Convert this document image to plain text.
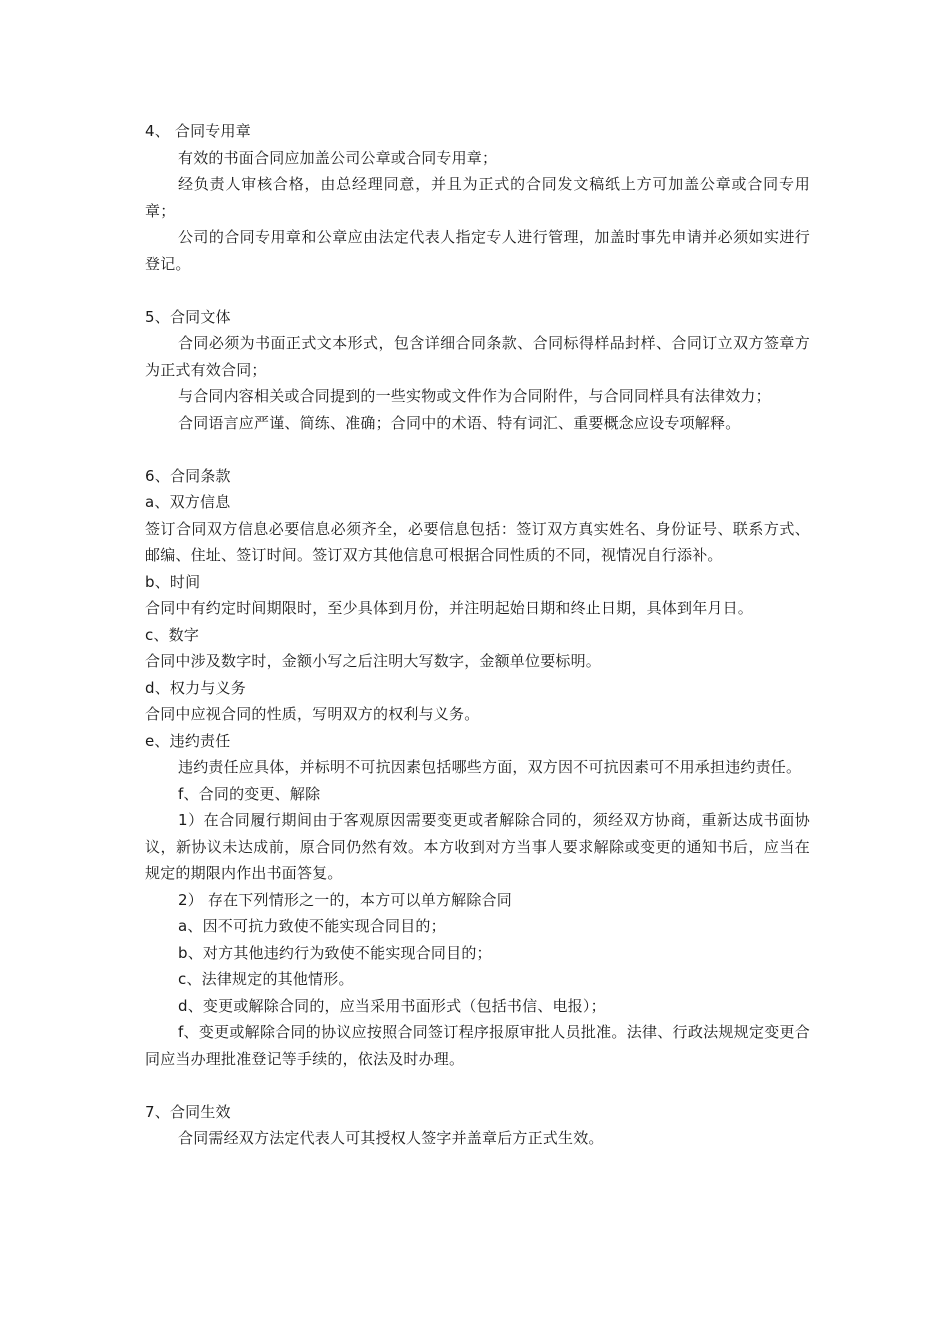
4、 合同专用章

有效的书面合同应加盖公司公章或合同专用章；

经负责人审核合格，由总经理同意，并且为正式的合同发文稿纸上方可加盖公章或合同专用章；

公司的合同专用章和公章应由法定代表人指定专人进行管理，加盖时事先申请并必须如实进行登记。

5、合同文体

合同必须为书面正式文本形式，包含详细合同条款、合同标得样品封样、合同订立双方签章方为正式有效合同；

与合同内容相关或合同提到的一些实物或文件作为合同附件，与合同同样具有法律效力；

合同语言应严谨、简练、准确；合同中的术语、特有词汇、重要概念应设专项解释。

6、合同条款

a、双方信息

签订合同双方信息必要信息必须齐全，必要信息包括：签订双方真实姓名、身份证号、联系方式、邮编、住址、签订时间。签订双方其他信息可根据合同性质的不同，视情况自行添补。

b、时间

合同中有约定时间期限时，至少具体到月份，并注明起始日期和终止日期，具体到年月日。

c、数字

合同中涉及数字时，金额小写之后注明大写数字，金额单位要标明。

d、权力与义务

合同中应视合同的性质，写明双方的权利与义务。

e、违约责任

违约责任应具体，并标明不可抗因素包括哪些方面，双方因不可抗因素可不用承担违约责任。

f、合同的变更、解除

1）在合同履行期间由于客观原因需要变更或者解除合同的，须经双方协商，重新达成书面协议，新协议未达成前，原合同仍然有效。本方收到对方当事人要求解除或变更的通知书后，应当在规定的期限内作出书面答复。

2） 存在下列情形之一的，本方可以单方解除合同

a、因不可抗力致使不能实现合同目的；

b、对方其他违约行为致使不能实现合同目的；

c、法律规定的其他情形。

d、变更或解除合同的，应当采用书面形式（包括书信、电报）；

f、变更或解除合同的协议应按照合同签订程序报原审批人员批准。法律、行政法规规定变更合同应当办理批准登记等手续的，依法及时办理。

7、合同生效

合同需经双方法定代表人可其授权人签字并盖章后方正式生效。
